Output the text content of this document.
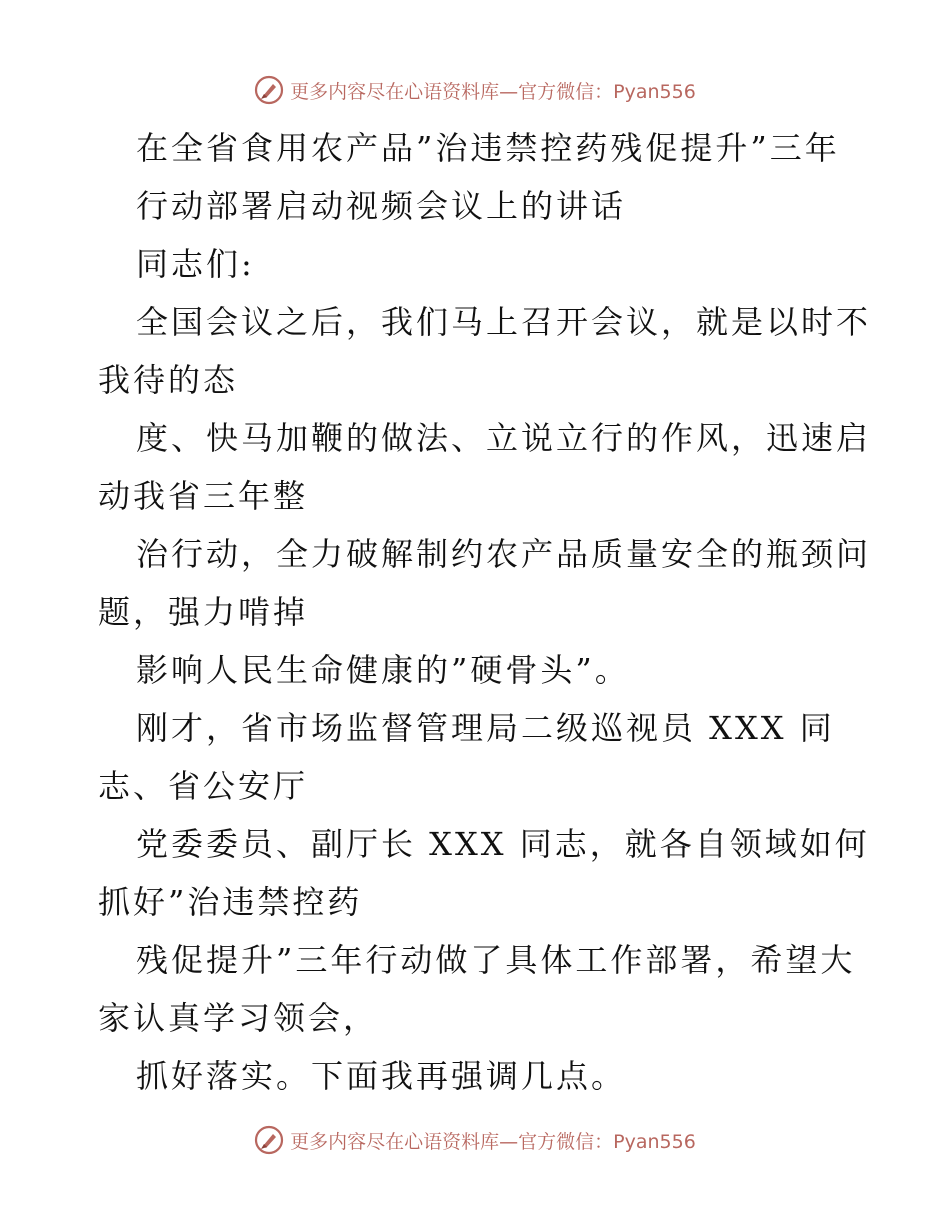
更多内容尽在心语资料库—官方微信：Pyan556
在全省食用农产品”治违禁控药残促提升”三年
行动部署启动视频会议上的讲话
同志们:
全国会议之后，我们马上召开会议，就是以时不
我待的态
度、快马加鞭的做法、立说立行的作风，迅速启
动我省三年整
治行动，全力破解制约农产品质量安全的瓶颈问
题，强力啃掉
影响人民生命健康的”硬骨头”。
刚才，省市场监督管理局二级巡视员 XXX 同
志、省公安厅
党委委员、副厅长 XXX 同志，就各自领域如何
抓好”治违禁控药
残促提升”三年行动做了具体工作部署，希望大
家认真学习领会，
抓好落实。下面我再强调几点。
更多内容尽在心语资料库—官方微信：Pyan556
